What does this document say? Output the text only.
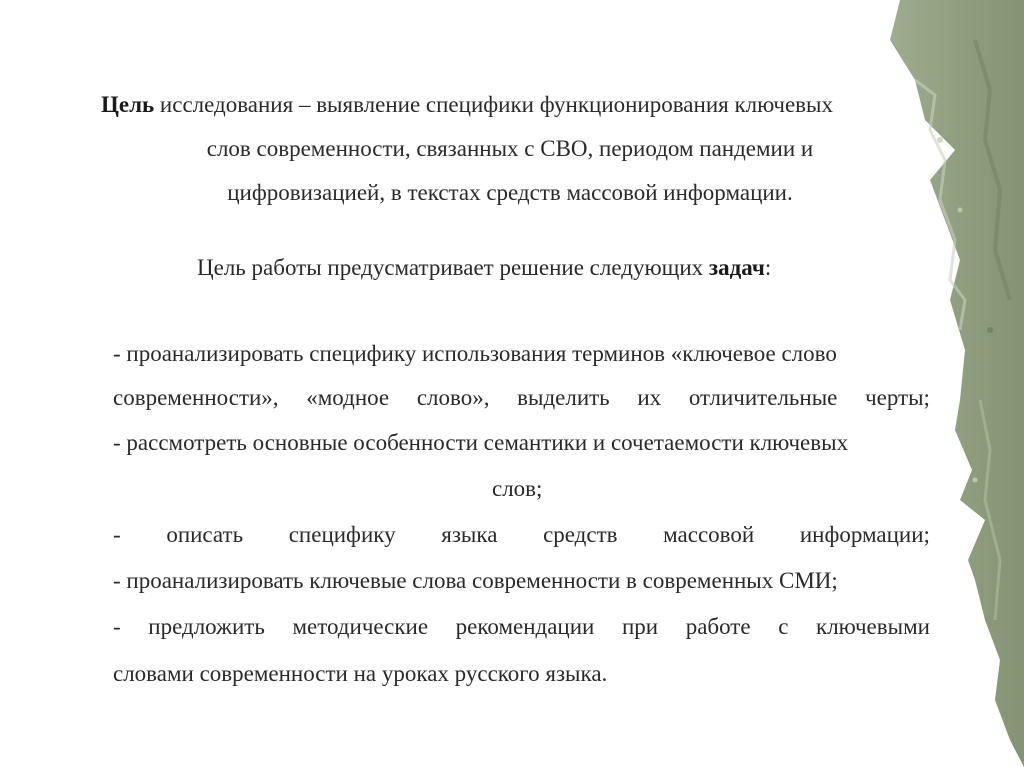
Цель исследования – выявление специфики функционирования ключевых
слов современности, связанных с СВО, периодом пандемии и
цифровизацией, в текстах средств массовой информации.
Цель работы предусматривает решение следующих задач:
- проанализировать специфику использования терминов «ключевое слово
современности», «модное слово», выделить их отличительные черты;
- рассмотреть основные особенности семантики и сочетаемости ключевых
слов;
- описать специфику языка средств массовой информации;
- проанализировать ключевые слова современности в современных СМИ;
- предложить методические рекомендации при работе с ключевыми
словами современности на уроках русского языка.
